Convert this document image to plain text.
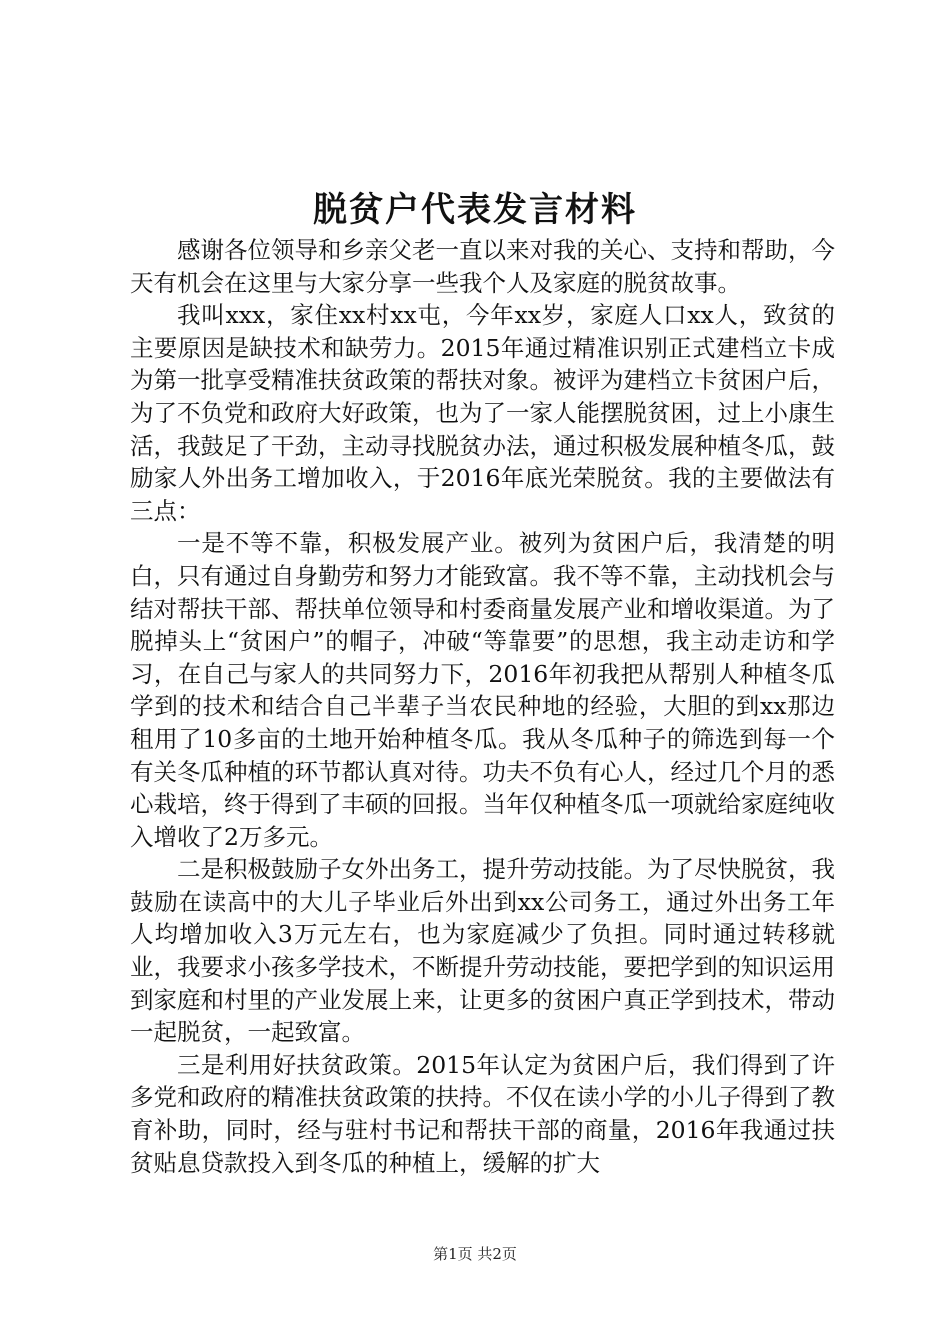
脱贫户代表发言材料

感谢各位领导和乡亲父老一直以来对我的关心、支持和帮助，今天有机会在这里与大家分享一些我个人及家庭的脱贫故事。

我叫xxx，家住xx村xx屯，今年xx岁，家庭人口xx人，致贫的主要原因是缺技术和缺劳力。2015年通过精准识别正式建档立卡成为第一批享受精准扶贫政策的帮扶对象。被评为建档立卡贫困户后，为了不负党和政府大好政策，也为了一家人能摆脱贫困，过上小康生活，我鼓足了干劲，主动寻找脱贫办法，通过积极发展种植冬瓜，鼓励家人外出务工增加收入，于2016年底光荣脱贫。我的主要做法有三点：

一是不等不靠，积极发展产业。被列为贫困户后，我清楚的明白，只有通过自身勤劳和努力才能致富。我不等不靠，主动找机会与结对帮扶干部、帮扶单位领导和村委商量发展产业和增收渠道。为了脱掉头上“贫困户”的帽子，冲破“等靠要”的思想，我主动走访和学习，在自己与家人的共同努力下，2016年初我把从帮别人种植冬瓜学到的技术和结合自己半辈子当农民种地的经验，大胆的到xx那边租用了10多亩的土地开始种植冬瓜。我从冬瓜种子的筛选到每一个有关冬瓜种植的环节都认真对待。功夫不负有心人，经过几个月的悉心栽培，终于得到了丰硕的回报。当年仅种植冬瓜一项就给家庭纯收入增收了2万多元。

二是积极鼓励子女外出务工，提升劳动技能。为了尽快脱贫，我鼓励在读高中的大儿子毕业后外出到xx公司务工，通过外出务工年人均增加收入3万元左右，也为家庭减少了负担。同时通过转移就业，我要求小孩多学技术，不断提升劳动技能，要把学到的知识运用到家庭和村里的产业发展上来，让更多的贫困户真正学到技术，带动一起脱贫，一起致富。

三是利用好扶贫政策。2015年认定为贫困户后，我们得到了许多党和政府的精准扶贫政策的扶持。不仅在读小学的小儿子得到了教育补助，同时，经与驻村书记和帮扶干部的商量，2016年我通过扶贫贴息贷款投入到冬瓜的种植上，缓解的扩大

第1页 共2页
